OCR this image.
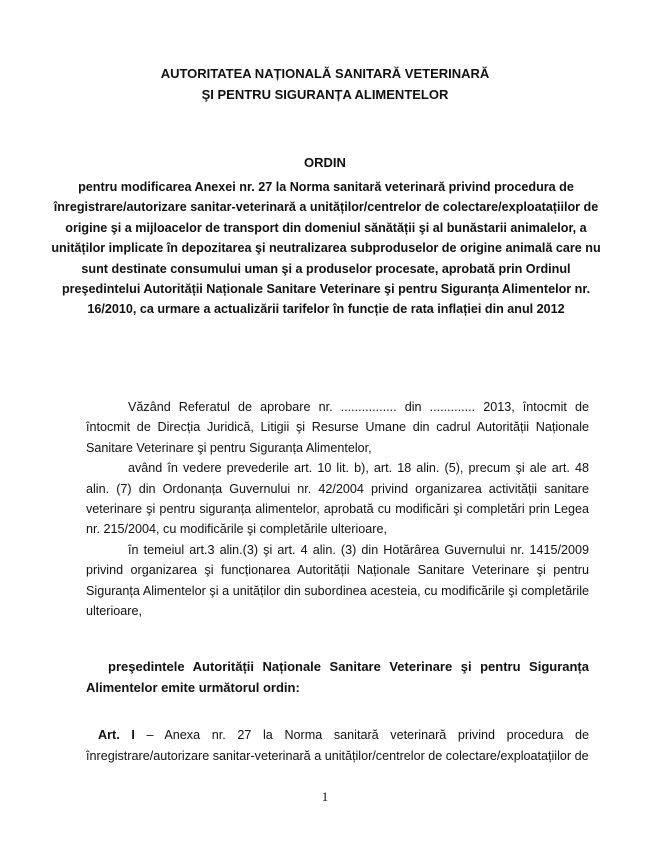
AUTORITATEA NAȚIONALĂ SANITARĂ VETERINARĂ
ŞI PENTRU SIGURANȚA ALIMENTELOR
ORDIN
pentru modificarea Anexei nr. 27 la Norma sanitară veterinară privind procedura de înregistrare/autorizare sanitar-veterinară a unităților/centrelor de colectare/exploatațiilor de origine şi a mijloacelor de transport din domeniul sănătății şi al bunăstarii animalelor, a unităților implicate în depozitarea şi neutralizarea subproduselor de origine animală care nu sunt destinate consumului uman şi a produselor procesate, aprobată prin Ordinul preşedintelui Autorității Naționale Sanitare Veterinare şi pentru Siguranța Alimentelor nr. 16/2010, ca urmare a actualizării tarifelor în funcție de rata inflației din anul 2012

Văzând Referatul de aprobare nr. ................ din ............. 2013, întocmit de întocmit de Direcția Juridică, Litigii şi Resurse Umane din cadrul Autorității Naționale Sanitare Veterinare şi pentru Siguranța Alimentelor,

având în vedere prevederile art. 10 lit. b), art. 18 alin. (5), precum şi ale art. 48 alin. (7) din Ordonanța Guvernului nr. 42/2004 privind organizarea activității sanitare veterinare şi pentru siguranța alimentelor, aprobată cu modificări şi completări prin Legea nr. 215/2004, cu modificările şi completările ulterioare,

în temeiul art.3 alin.(3) şi art. 4 alin. (3) din Hotărârea Guvernului nr. 1415/2009 privind organizarea şi funcționarea Autorității Naționale Sanitare Veterinare şi pentru Siguranța Alimentelor şi a unităților din subordinea acesteia, cu modificările şi completările ulterioare,

preşedintele Autorității Naționale Sanitare Veterinare şi pentru Siguranța Alimentelor emite următorul ordin:
Art. I – Anexa nr. 27 la Norma sanitară veterinară privind procedura de înregistrare/autorizare sanitar-veterinară a unităților/centrelor de colectare/exploatațiilor de
1
